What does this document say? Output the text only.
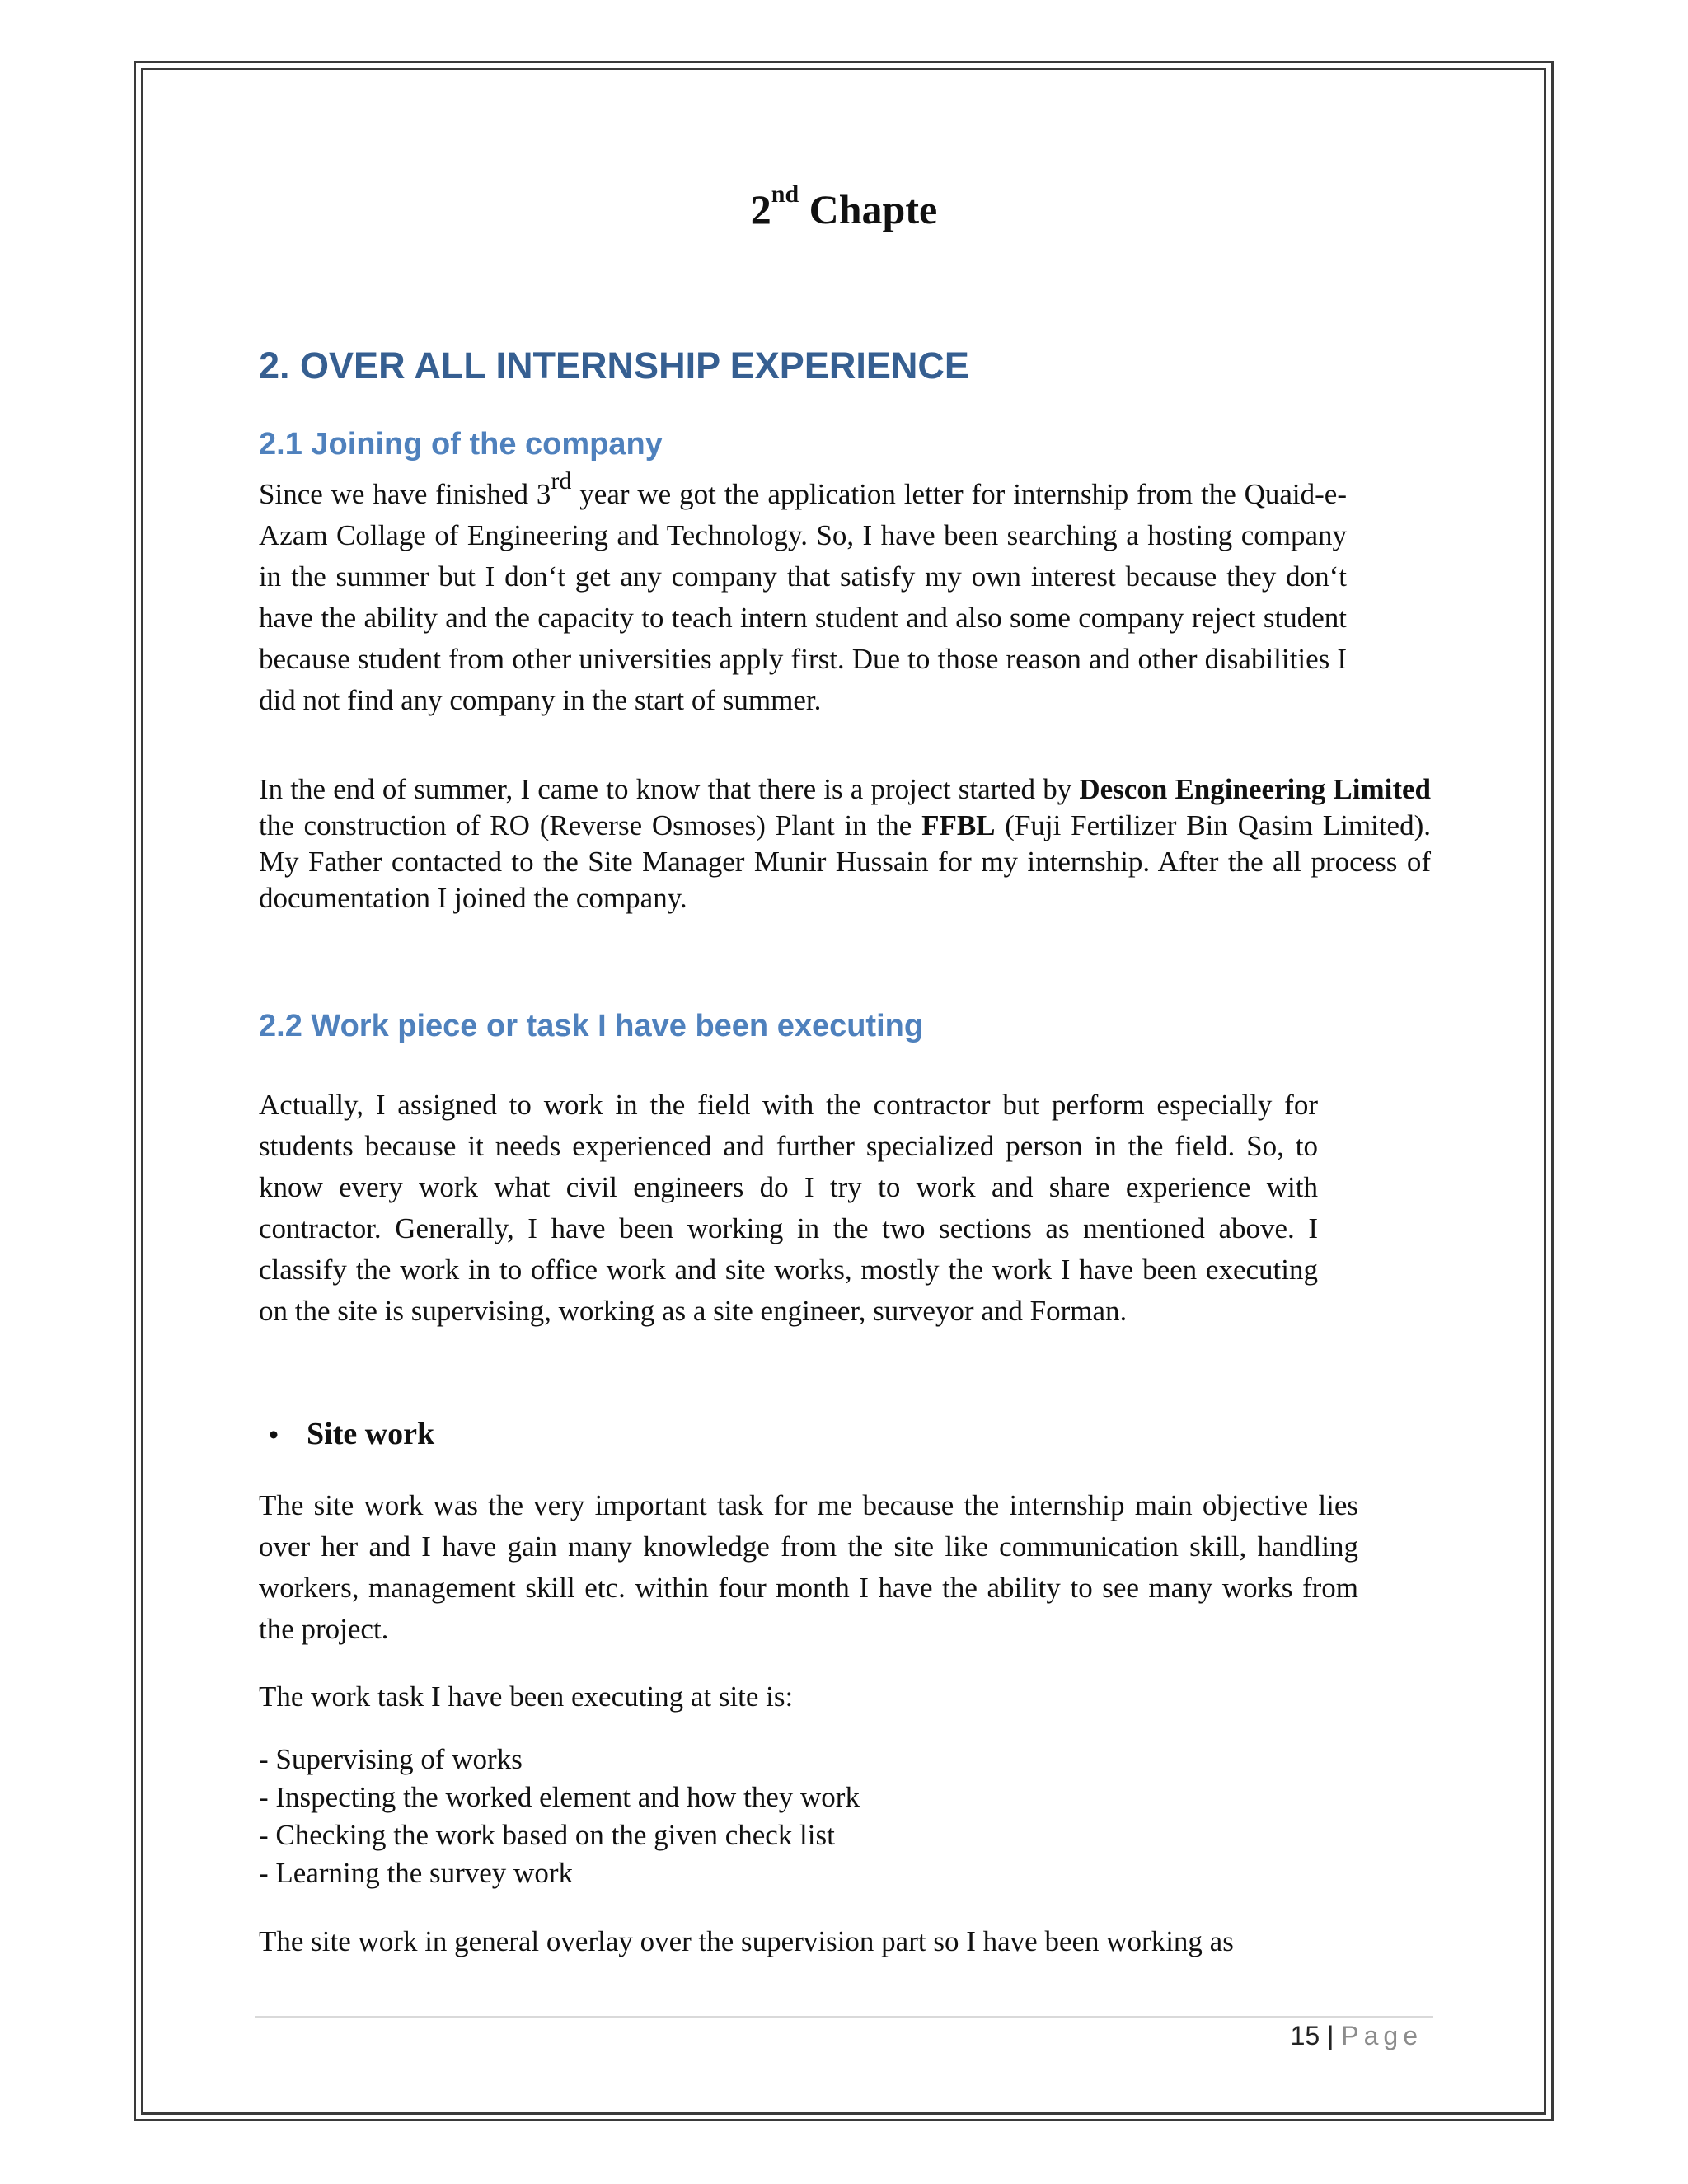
2nd Chapte
2. OVER ALL INTERNSHIP EXPERIENCE
2.1 Joining of the company

Since we have finished 3rd year we got the application letter for internship from the Quaid-e-Azam Collage of Engineering and Technology. So, I have been searching a hosting company in the summer but I don‘t get any company that satisfy my own interest because they don‘t have the ability and the capacity to teach intern student and also some company reject student because student from other universities apply first. Due to those reason and other disabilities I did not find any company in the start of summer.

In the end of summer, I came to know that there is a project started by Descon Engineering Limited the construction of RO (Reverse Osmoses) Plant in the FFBL (Fuji Fertilizer Bin Qasim Limited). My Father contacted to the Site Manager Munir Hussain for my internship. After the all process of documentation I joined the company.

2.2 Work piece or task I have been executing

Actually, I assigned to work in the field with the contractor but perform especially for students because it needs experienced and further specialized person in the field. So, to know every work what civil engineers do I try to work and share experience with contractor. Generally, I have been working in the two sections as mentioned above. I classify the work in to office work and site works, mostly the work I have been executing on the site is supervising, working as a site engineer, surveyor and Forman.

• Site work

The site work was the very important task for me because the internship main objective lies over her and I have gain many knowledge from the site like communication skill, handling workers, management skill etc. within four month I have the ability to see many works from the project.

The work task I have been executing at site is:

- Supervising of works
- Inspecting the worked element and how they work
- Checking the work based on the given check list
- Learning the survey work

The site work in general overlay over the supervision part so I have been working as

15 | Page
